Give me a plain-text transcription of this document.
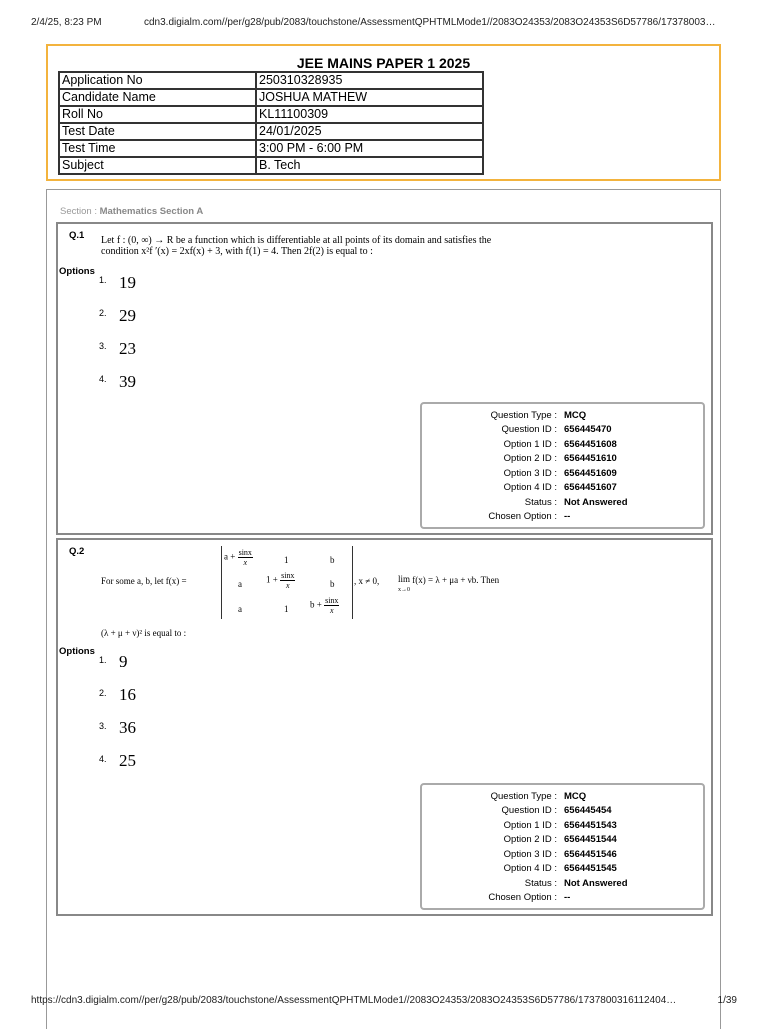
2/4/25, 8:23 PM	cdn3.digialm.com//per/g28/pub/2083/touchstone/AssessmentQPHTMLMode1//2083O24353/2083O24353S6D57786/17378003…
JEE MAINS PAPER 1 2025
Application No	250310328935
Candidate Name	JOSHUA MATHEW
Roll No	KL11100309
Test Date	24/01/2025
Test Time	3:00 PM - 6:00 PM
Subject	B. Tech
Section : Mathematics Section A
Q.1 Let f : (0, ∞) → R be a function which is differentiable at all points of its domain and satisfies the
condition x²f ′(x) = 2xf(x) + 3, with f(1) = 4. Then 2f(2) is equal to :
Options
1. 19
2. 29
3. 23
4. 39
Question Type : MCQ
Question ID : 656445470
Option 1 ID : 6564451608
Option 2 ID : 6564451610
Option 3 ID : 6564451609
Option 4 ID : 6564451607
Status : Not Answered
Chosen Option : --
Q.2
For some a, b, let f(x) =
$a + \frac{\sin x}{x}$	1	b
a	$1 + \frac{\sin x}{x}$	b
a	1 $b + \frac{\sin x}{x}$
, x ≠ 0, lim
x→0 f(x) = λ + μa + νb. Then
(λ + μ + ν)² is equal to :
Options
1. 9
2. 16
3. 36
4. 25
Question Type : MCQ
Question ID : 656445454
Option 1 ID : 6564451543
Option 2 ID : 6564451544
Option 3 ID : 6564451546
Option 4 ID : 6564451545
Status : Not Answered
Chosen Option : --
https://cdn3.digialm.com//per/g28/pub/2083/touchstone/AssessmentQPHTMLMode1//2083O24353/2083O24353S6D57786/173780031611​2404…	1/39
